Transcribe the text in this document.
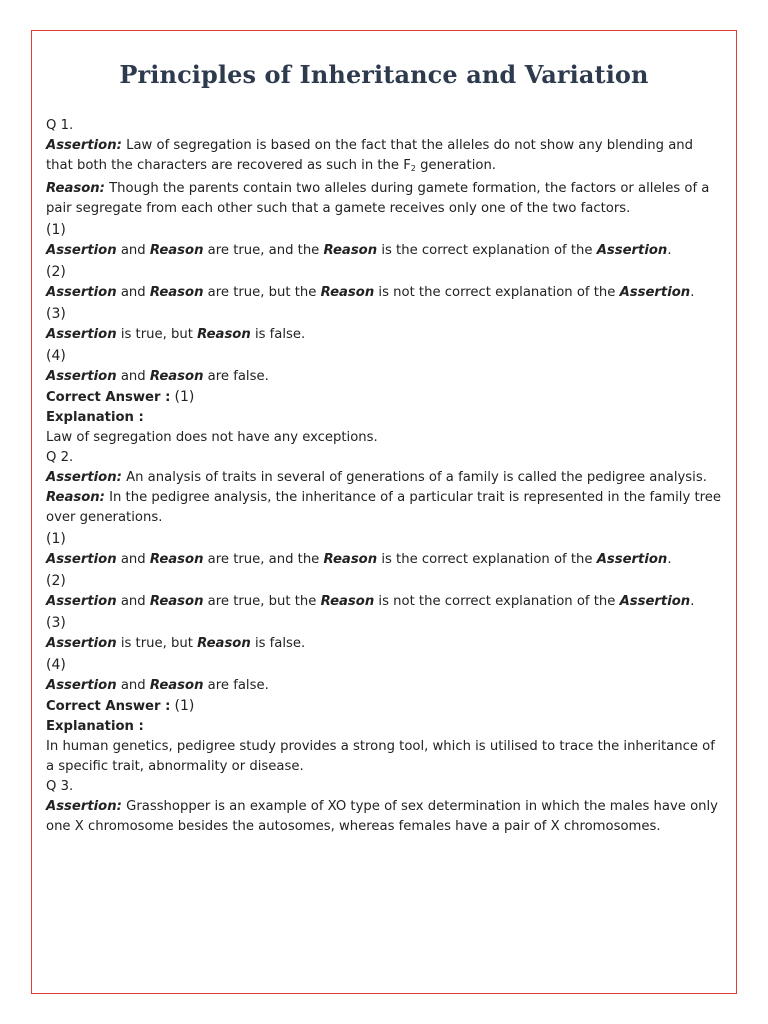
Principles of Inheritance and Variation

Q 1.

Assertion: Law of segregation is based on the fact that the alleles do not show any blending and that both the characters are recovered as such in the $F_2$ generation.

Reason: Though the parents contain two alleles during gamete formation, the factors or alleles of a pair segregate from each other such that a gamete receives only one of the two factors.

(1)

Assertion and Reason are true, and the Reason is the correct explanation of the Assertion.

(2)

Assertion and Reason are true, but the Reason is not the correct explanation of the Assertion.

(3)

Assertion is true, but Reason is false.

(4)

Assertion and Reason are false.

Correct Answer : (1)

Explanation :

Law of segregation does not have any exceptions.

Q 2.

Assertion: An analysis of traits in several of generations of a family is called the pedigree analysis.

Reason: In the pedigree analysis, the inheritance of a particular trait is represented in the family tree over generations.

(1)

Assertion and Reason are true, and the Reason is the correct explanation of the Assertion.

(2)

Assertion and Reason are true, but the Reason is not the correct explanation of the Assertion.

(3)

Assertion is true, but Reason is false.

(4)

Assertion and Reason are false.

Correct Answer : (1)

Explanation :

In human genetics, pedigree study provides a strong tool, which is utilised to trace the inheritance of a specific trait, abnormality or disease.

Q 3.

Assertion: Grasshopper is an example of XO type of sex determination in which the males have only one X chromosome besides the autosomes, whereas females have a pair of X chromosomes.
